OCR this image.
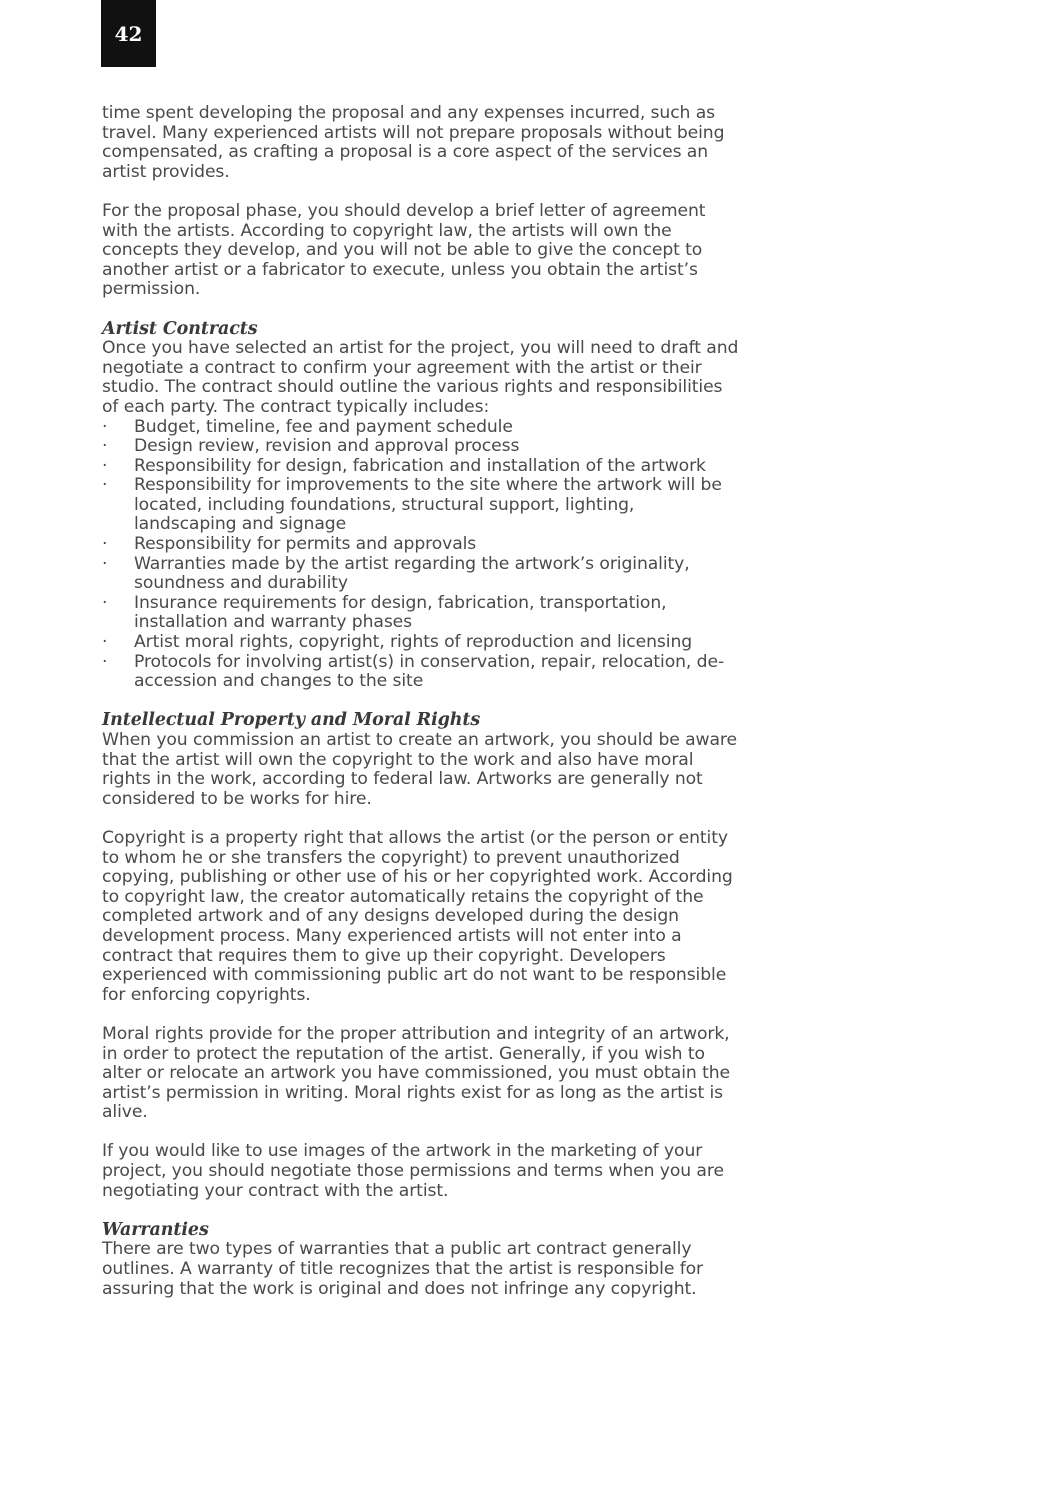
42

time spent developing the proposal and any expenses incurred, such as travel. Many experienced artists will not prepare proposals without being compensated, as crafting a proposal is a core aspect of the services an artist provides.

For the proposal phase, you should develop a brief letter of agreement with the artists. According to copyright law, the artists will own the concepts they develop, and you will not be able to give the concept to another artist or a fabricator to execute, unless you obtain the artist’s permission.

Artist Contracts

Once you have selected an artist for the project, you will need to draft and negotiate a contract to confirm your agreement with the artist or their studio. The contract should outline the various rights and responsibilities of each party. The contract typically includes:

· Budget, timeline, fee and payment schedule
· Design review, revision and approval process
· Responsibility for design, fabrication and installation of the artwork
· Responsibility for improvements to the site where the artwork will be located, including foundations, structural support, lighting, landscaping and signage
· Responsibility for permits and approvals
· Warranties made by the artist regarding the artwork’s originality, soundness and durability
· Insurance requirements for design, fabrication, transportation, installation and warranty phases
· Artist moral rights, copyright, rights of reproduction and licensing
· Protocols for involving artist(s) in conservation, repair, relocation, de-accession and changes to the site
Intellectual Property and Moral Rights

When you commission an artist to create an artwork, you should be aware that the artist will own the copyright to the work and also have moral rights in the work, according to federal law. Artworks are generally not considered to be works for hire.

Copyright is a property right that allows the artist (or the person or entity to whom he or she transfers the copyright) to prevent unauthorized copying, publishing or other use of his or her copyrighted work. According to copyright law, the creator automatically retains the copyright of the completed artwork and of any designs developed during the design development process. Many experienced artists will not enter into a contract that requires them to give up their copyright. Developers experienced with commissioning public art do not want to be responsible for enforcing copyrights.

Moral rights provide for the proper attribution and integrity of an artwork, in order to protect the reputation of the artist. Generally, if you wish to alter or relocate an artwork you have commissioned, you must obtain the artist’s permission in writing. Moral rights exist for as long as the artist is alive.

If you would like to use images of the artwork in the marketing of your project, you should negotiate those permissions and terms when you are negotiating your contract with the artist.

Warranties

There are two types of warranties that a public art contract generally outlines. A warranty of title recognizes that the artist is responsible for assuring that the work is original and does not infringe any copyright.
